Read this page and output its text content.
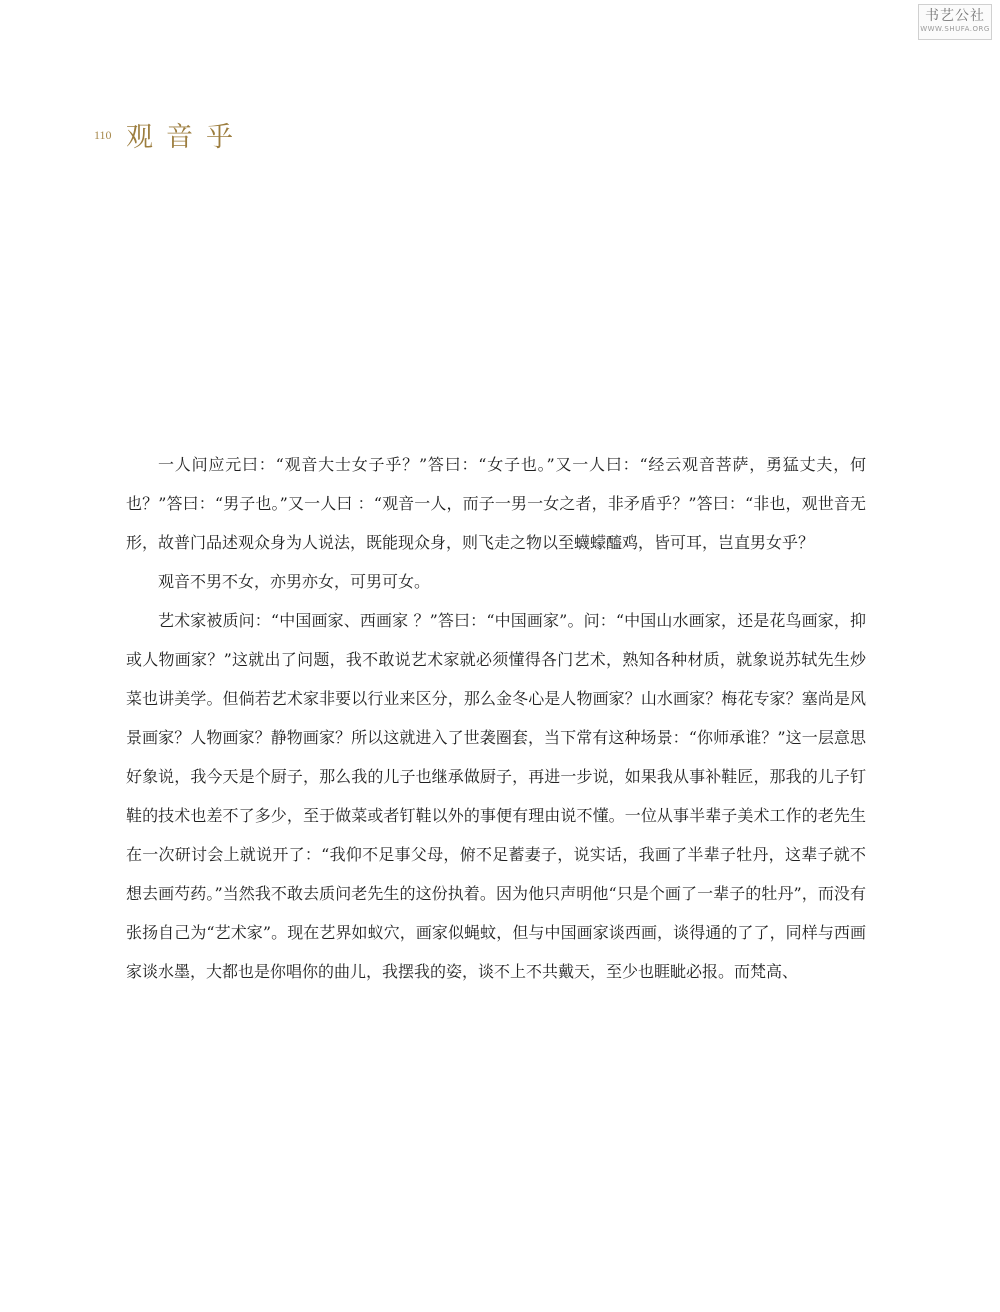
书艺公社
WWW.SHUFA.ORG
110 观音乎

一人问应元曰：“观音大士女子乎？”答曰：“女子也。”又一人曰：“经云观音菩萨，勇猛丈夫，何也？”答曰：“男子也。”又一人曰 ：“观音一人，而子一男一女之者，非矛盾乎？”答曰：“非也，观世音无形，故普门品述观众身为人说法，既能现众身，则飞走之物以至蠛蠓醯鸡，皆可耳，岂直男女乎？

观音不男不女，亦男亦女，可男可女。

艺术家被质问：“中国画家、西画家 ？”答曰：“中国画家”。问：“中国山水画家，还是花鸟画家，抑或人物画家？”这就出了问题，我不敢说艺术家就必须懂得各门艺术，熟知各种材质，就象说苏轼先生炒菜也讲美学。但倘若艺术家非要以行业来区分，那么金冬心是人物画家？山水画家？梅花专家？塞尚是风景画家？人物画家？静物画家？所以这就进入了世袭圈套，当下常有这种场景：“你师承谁？”这一层意思好象说，我今天是个厨子，那么我的儿子也继承做厨子，再进一步说，如果我从事补鞋匠，那我的儿子钉鞋的技术也差不了多少，至于做菜或者钉鞋以外的事便有理由说不懂。一位从事半辈子美术工作的老先生在一次研讨会上就说开了：“我仰不足事父母，俯不足蓄妻子，说实话，我画了半辈子牡丹，这辈子就不想去画芍药。”当然我不敢去质问老先生的这份执着。因为他只声明他“只是个画了一辈子的牡丹”，而没有张扬自己为“艺术家”。现在艺界如蚁穴，画家似蝇蚊，但与中国画家谈西画，谈得通的了了，同样与西画家谈水墨，大都也是你唱你的曲儿，我摆我的姿，谈不上不共戴天，至少也睚眦必报。而梵高、
